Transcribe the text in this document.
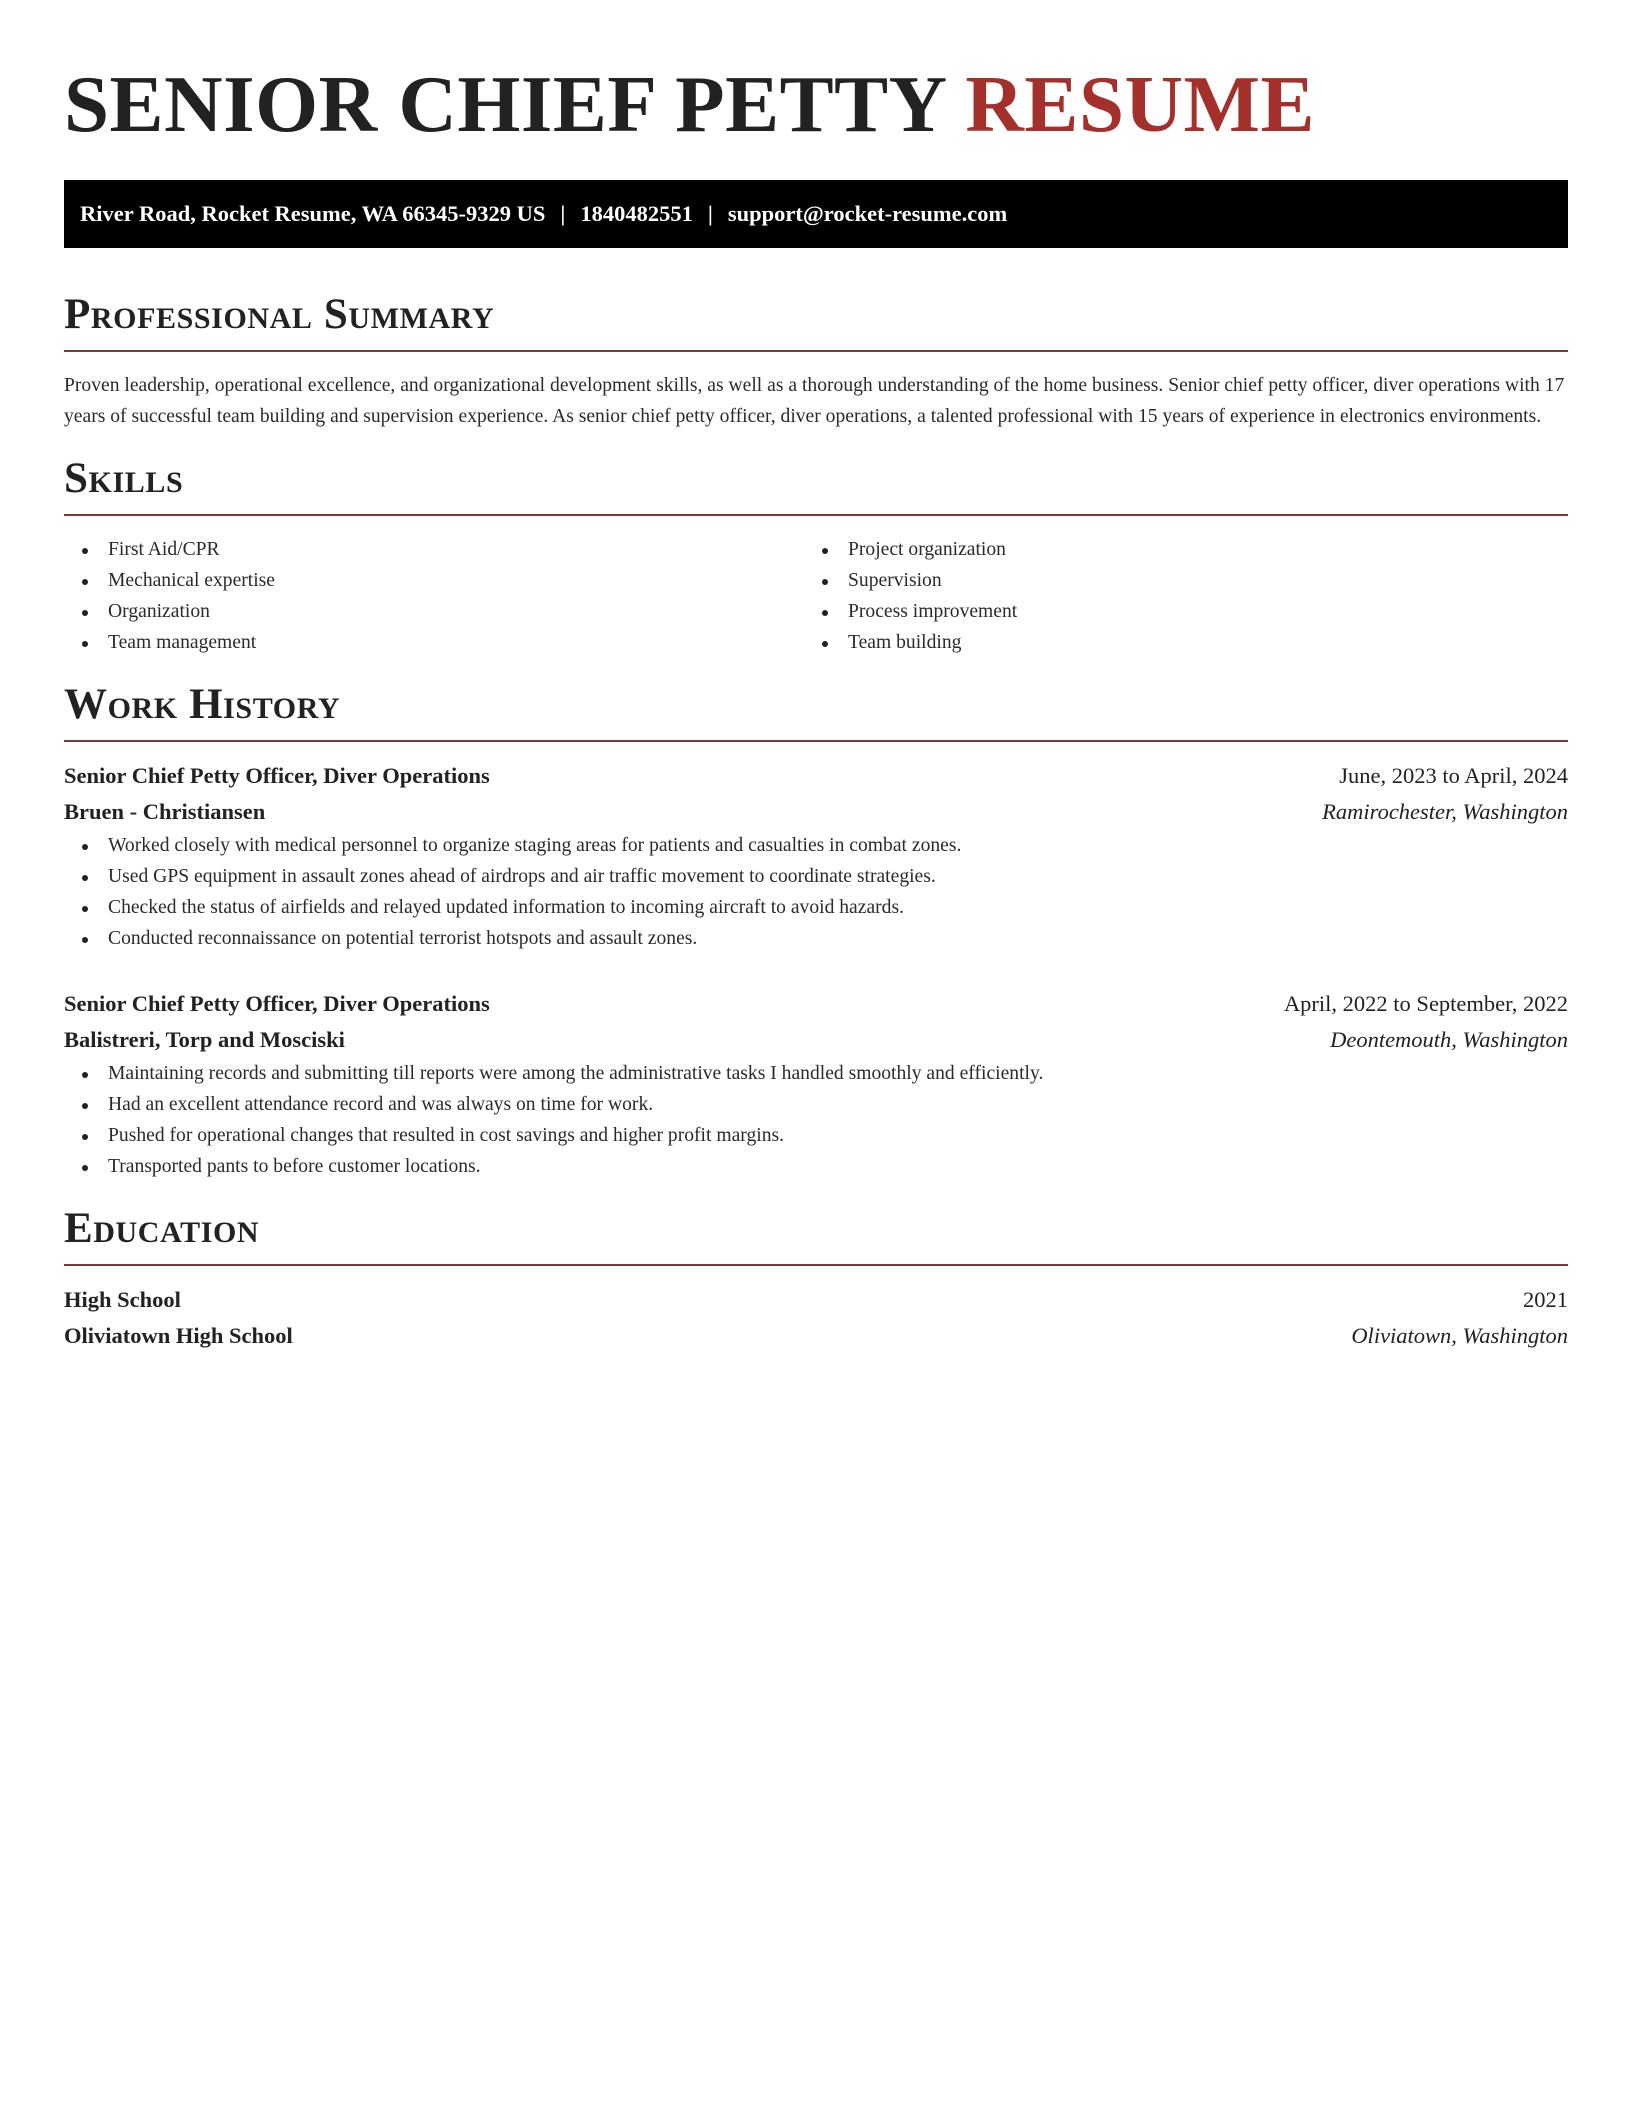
SENIOR CHIEF PETTY RESUME
River Road, Rocket Resume, WA 66345-9329 US | 1840482551 | support@rocket-resume.com
Professional Summary

Proven leadership, operational excellence, and organizational development skills, as well as a thorough understanding of the home business. Senior chief petty officer, diver operations with 17 years of successful team building and supervision experience. As senior chief petty officer, diver operations, a talented professional with 15 years of experience in electronics environments.

Skills
First Aid/CPR
Mechanical expertise
Organization
Team management
Project organization
Supervision
Process improvement
Team building
Work History
Senior Chief Petty Officer, Diver Operations	June, 2023 to April, 2024
Bruen - Christiansen	Ramirochester, Washington
Worked closely with medical personnel to organize staging areas for patients and casualties in combat zones.
Used GPS equipment in assault zones ahead of airdrops and air traffic movement to coordinate strategies.
Checked the status of airfields and relayed updated information to incoming aircraft to avoid hazards.
Conducted reconnaissance on potential terrorist hotspots and assault zones.
Senior Chief Petty Officer, Diver Operations	April, 2022 to September, 2022
Balistreri, Torp and Mosciski	Deontemouth, Washington
Maintaining records and submitting till reports were among the administrative tasks I handled smoothly and efficiently.
Had an excellent attendance record and was always on time for work.
Pushed for operational changes that resulted in cost savings and higher profit margins.
Transported pants to before customer locations.
Education
High School	2021
Oliviatown High School	Oliviatown, Washington
